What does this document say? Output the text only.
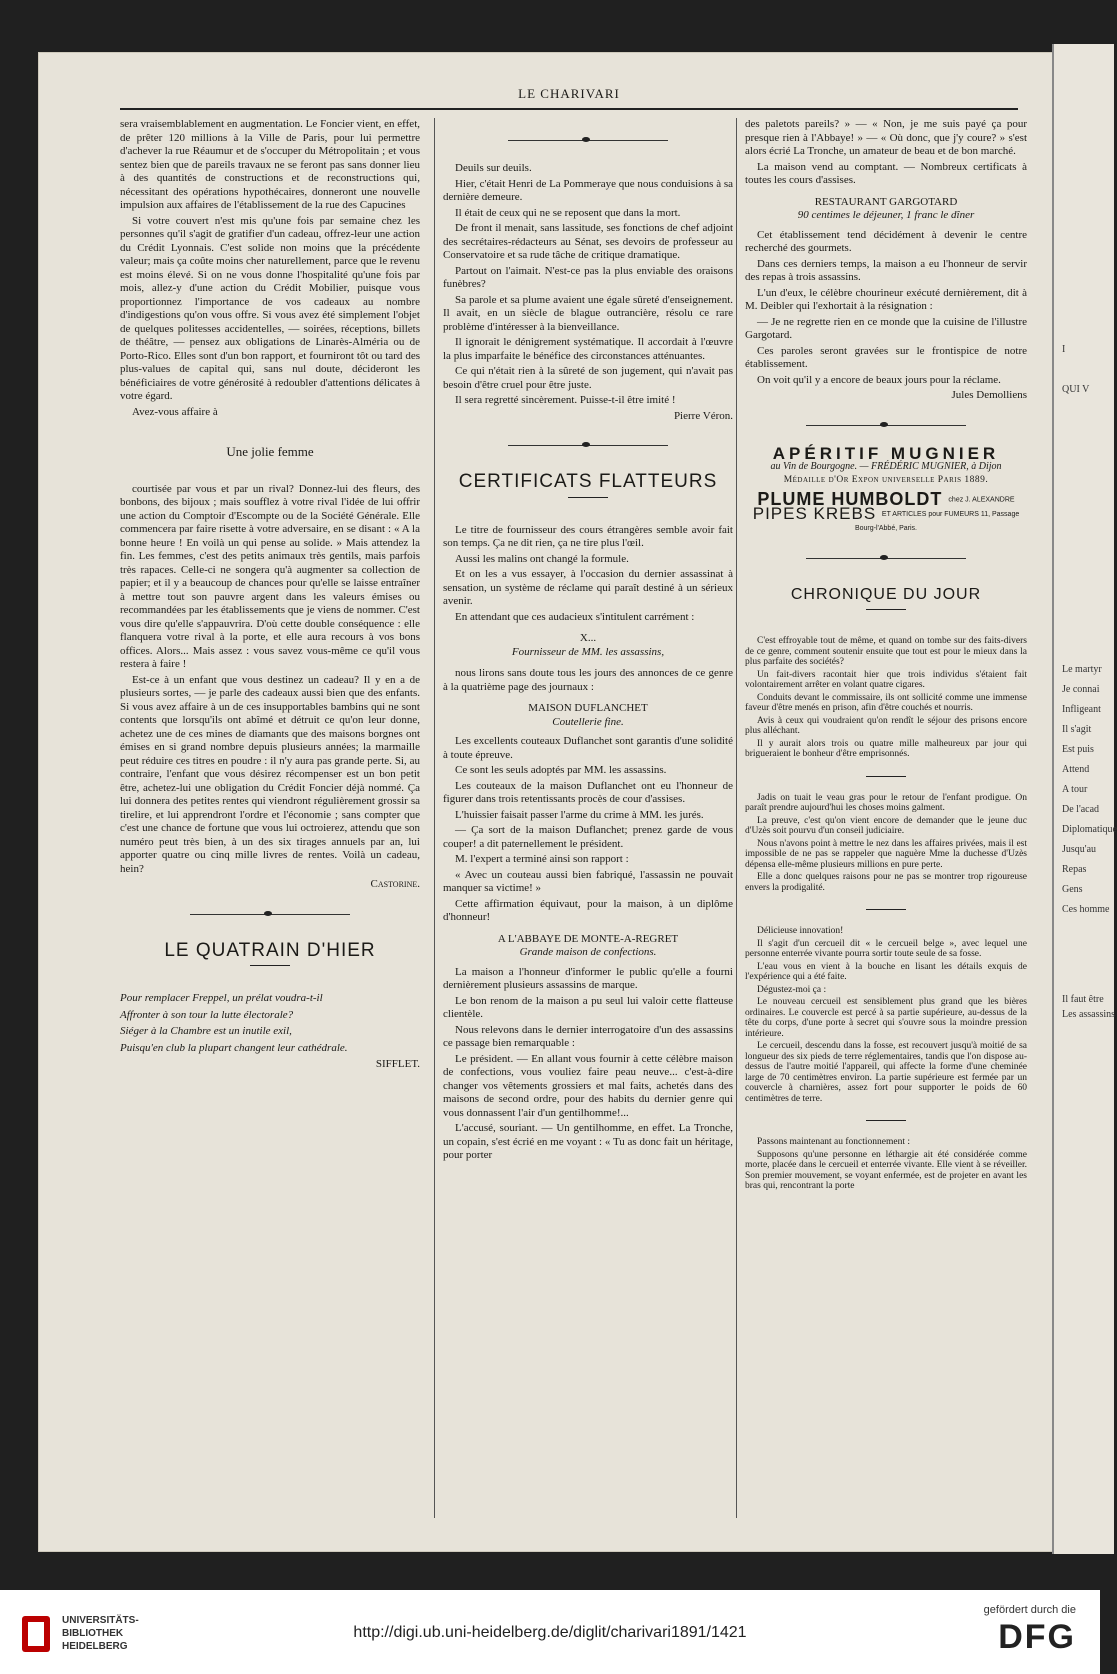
LE CHARIVARI

sera vraisemblablement en augmentation. Le Foncier vient, en effet, de prêter 120 millions à la Ville de Paris, pour lui permettre d'achever la rue Réaumur et de s'occuper du Métropolitain ; et vous sentez bien que de pareils travaux ne se feront pas sans donner lieu à des quantités de constructions et de reconstructions qui, nécessitant des opérations hypothécaires, donneront une nouvelle impulsion aux affaires de l'établissement de la rue des Capucines

Si votre couvert n'est mis qu'une fois par semaine chez les personnes qu'il s'agit de gratifier d'un cadeau, offrez-leur une action du Crédit Lyonnais. C'est solide non moins que la précédente valeur; mais ça coûte moins cher naturellement, parce que le revenu est moins élevé. Si on ne vous donne l'hospitalité qu'une fois par mois, allez-y d'une action du Crédit Mobilier, puisque vous proportionnez l'importance de vos cadeaux au nombre d'indigestions qu'on vous offre. Si vous avez été simplement l'objet de quelques politesses accidentelles, — soirées, réceptions, billets de théâtre, — pensez aux obligations de Linarès-Alméria ou de Porto-Rico. Elles sont d'un bon rapport, et fourniront tôt ou tard des plus-values de capital qui, sans nul doute, décideront les bénéficiaires de votre générosité à redoubler d'attentions délicates à votre égard.

Avez-vous affaire à

Une jolie femme

courtisée par vous et par un rival? Donnez-lui des fleurs, des bonbons, des bijoux ; mais soufflez à votre rival l'idée de lui offrir une action du Comptoir d'Escompte ou de la Société Générale. Elle commencera par faire risette à votre adversaire, en se disant : « A la bonne heure ! En voilà un qui pense au solide. » Mais attendez la fin. Les femmes, c'est des petits animaux très gentils, mais parfois très rapaces. Celle-ci ne songera qu'à augmenter sa collection de papier; et il y a beaucoup de chances pour qu'elle se laisse entraîner à mettre tout son pauvre argent dans les valeurs émises ou recommandées par les établissements que je viens de nommer. C'est vous dire qu'elle s'appauvrira. D'où cette double conséquence : elle flanquera votre rival à la porte, et elle aura recours à vos bons offices. Alors... Mais assez : vous savez vous-même ce qu'il vous restera à faire !

Est-ce à un enfant que vous destinez un cadeau? Il y en a de plusieurs sortes, — je parle des cadeaux aussi bien que des enfants. Si vous avez affaire à un de ces insupportables bambins qui ne sont contents que lorsqu'ils ont abîmé et détruit ce qu'on leur donne, achetez une de ces mines de diamants que des maisons borgnes ont émises en si grand nombre depuis plusieurs années; la marmaille peut réduire ces titres en poudre : il n'y aura pas grande perte. Si, au contraire, l'enfant que vous désirez récompenser est un bon petit être, achetez-lui une obligation du Crédit Foncier déjà nommé. Ça lui donnera des petites rentes qui viendront régulièrement grossir sa tirelire, et lui apprendront l'ordre et l'économie ; sans compter que c'est une chance de fortune que vous lui octroierez, attendu que son numéro peut très bien, à un des six tirages annuels par an, lui apporter quatre ou cinq mille livres de rentes. Voilà un cadeau, hein?

Castorine.
LE QUATRAIN D'HIER

Pour remplacer Freppel, un prélat voudra-t-il

Affronter à son tour la lutte électorale?

Siéger à la Chambre est un inutile exil,

Puisqu'en club la plupart changent leur cathédrale.

SIFFLET.

Deuils sur deuils.

Hier, c'était Henri de La Pommeraye que nous conduisions à sa dernière demeure.

Il était de ceux qui ne se reposent que dans la mort.

De front il menait, sans lassitude, ses fonctions de chef adjoint des secrétaires-rédacteurs au Sénat, ses devoirs de professeur au Conservatoire et sa rude tâche de critique dramatique.

Partout on l'aimait. N'est-ce pas la plus enviable des oraisons funèbres?

Sa parole et sa plume avaient une égale sûreté d'enseignement. Il avait, en un siècle de blague outrancière, résolu ce rare problème d'intéresser à la bienveillance.

Il ignorait le dénigrement systématique. Il accordait à l'œuvre la plus imparfaite le bénéfice des circonstances atténuantes.

Ce qui n'était rien à la sûreté de son jugement, qui n'avait pas besoin d'être cruel pour être juste.

Il sera regretté sincèrement. Puisse-t-il être imité !

Pierre Véron.
CERTIFICATS FLATTEURS

Le titre de fournisseur des cours étrangères semble avoir fait son temps. Ça ne dit rien, ça ne tire plus l'œil.

Aussi les malins ont changé la formule.

Et on les a vus essayer, à l'occasion du dernier assassinat à sensation, un système de réclame qui paraît destiné à un sérieux avenir.

En attendant que ces audacieux s'intitulent carrément :

X...
Fournisseur de MM. les assassins,

nous lirons sans doute tous les jours des annonces de ce genre à la quatrième page des journaux :

MAISON DUFLANCHET
Coutellerie fine.

Les excellents couteaux Duflanchet sont garantis d'une solidité à toute épreuve.

Ce sont les seuls adoptés par MM. les assassins.

Les couteaux de la maison Duflanchet ont eu l'honneur de figurer dans trois retentissants procès de cour d'assises.

L'huissier faisait passer l'arme du crime à MM. les jurés.

— Ça sort de la maison Duflanchet; prenez garde de vous couper! a dit paternellement le président.

M. l'expert a terminé ainsi son rapport :

« Avec un couteau aussi bien fabriqué, l'assassin ne pouvait manquer sa victime! »

Cette affirmation équivaut, pour la maison, à un diplôme d'honneur!

A L'ABBAYE DE MONTE-A-REGRET
Grande maison de confections.

La maison a l'honneur d'informer le public qu'elle a fourni dernièrement plusieurs assassins de marque.

Le bon renom de la maison a pu seul lui valoir cette flatteuse clientèle.

Nous relevons dans le dernier interrogatoire d'un des assassins ce passage bien remarquable :

Le président. — En allant vous fournir à cette célèbre maison de confections, vous vouliez faire peau neuve... c'est-à-dire changer vos vêtements grossiers et mal faits, achetés dans des maisons de second ordre, pour des habits du dernier genre qui vous donnassent l'air d'un gentilhomme!...

L'accusé, souriant. — Un gentilhomme, en effet. La Tronche, un copain, s'est écrié en me voyant : « Tu as donc fait un héritage, pour porter

des paletots pareils? » — « Non, je me suis payé ça pour presque rien à l'Abbaye! » — « Où donc, que j'y coure? » s'est alors écrié La Tronche, un amateur de beau et de bon marché.

La maison vend au comptant. — Nombreux certificats à toutes les cours d'assises.

RESTAURANT GARGOTARD
90 centimes le déjeuner, 1 franc le dîner

Cet établissement tend décidément à devenir le centre recherché des gourmets.

Dans ces derniers temps, la maison a eu l'honneur de servir des repas à trois assassins.

L'un d'eux, le célèbre chourineur exécuté dernièrement, dit à M. Deibler qui l'exhortait à la résignation :

— Je ne regrette rien en ce monde que la cuisine de l'illustre Gargotard.

Ces paroles seront gravées sur le frontispice de notre établissement.

On voit qu'il y a encore de beaux jours pour la réclame.

Jules Demolliens
APÉRITIF MUGNIER
au Vin de Bourgogne. — FRÉDÉRIC MUGNIER, à Dijon
Médaille d'Or Expon universelle Paris 1889.
PLUME HUMBOLDT chez J. ALEXANDRE
PIPES KREBS ET ARTICLES pour FUMEURS 11, Passage Bourg-l'Abbé, Paris.
CHRONIQUE DU JOUR

C'est effroyable tout de même, et quand on tombe sur des faits-divers de ce genre, comment soutenir ensuite que tout est pour le mieux dans la plus parfaite des sociétés?

Un fait-divers racontait hier que trois individus s'étaient fait volontairement arrêter en volant quatre cigares.

Conduits devant le commissaire, ils ont sollicité comme une immense faveur d'être menés en prison, afin d'être couchés et nourris.

Avis à ceux qui voudraient qu'on rendît le séjour des prisons encore plus alléchant.

Il y aurait alors trois ou quatre mille malheureux par jour qui brigueraient le bonheur d'être emprisonnés.

Jadis on tuait le veau gras pour le retour de l'enfant prodigue. On paraît prendre aujourd'hui les choses moins galment.

La preuve, c'est qu'on vient encore de demander que le jeune duc d'Uzès soit pourvu d'un conseil judiciaire.

Nous n'avons point à mettre le nez dans les affaires privées, mais il est impossible de ne pas se rappeler que naguère Mme la duchesse d'Uzès dépensa elle-même plusieurs millions en pure perte.

Elle a donc quelques raisons pour ne pas se montrer trop rigoureuse envers la prodigalité.

Délicieuse innovation!

Il s'agit d'un cercueil dit « le cercueil belge », avec lequel une personne enterrée vivante pourra sortir toute seule de sa fosse.

L'eau vous en vient à la bouche en lisant les détails exquis de l'expérience qui a été faite.

Dégustez-moi ça :

Le nouveau cercueil est sensiblement plus grand que les bières ordinaires. Le couvercle est percé à sa partie supérieure, au-dessus de la tête du corps, d'une porte à secret qui s'ouvre sous la moindre pression intérieure.

Le cercueil, descendu dans la fosse, est recouvert jusqu'à moitié de sa longueur des six pieds de terre réglementaires, tandis que l'on dispose au-dessus de l'autre moitié l'appareil, qui affecte la forme d'une cheminée large de 70 centimètres environ. La partie supérieure est fermée par un couvercle à charnières, assez fort pour supporter le poids de 60 centimètres de terre.

Passons maintenant au fonctionnement :

Supposons qu'une personne en léthargie ait été considérée comme morte, placée dans le cercueil et enterrée vivante. Elle vient à se réveiller. Son premier mouvement, se voyant enfermée, est de projeter en avant les bras qui, rencontrant la porte

I
QUI V
Le martyr
Je connai
Infligeant
Il s'agit
Est puis
Attend
A tour
De l'acad
Diplomatique
Jusqu'au
Repas
Gens
Ces homme
Il faut être
Les assassins
UNIVERSITÄTS-
BIBLIOTHEK
HEIDELBERG
http://digi.ub.uni-heidelberg.de/diglit/charivari1891/1421
gefördert durch die
DFG
